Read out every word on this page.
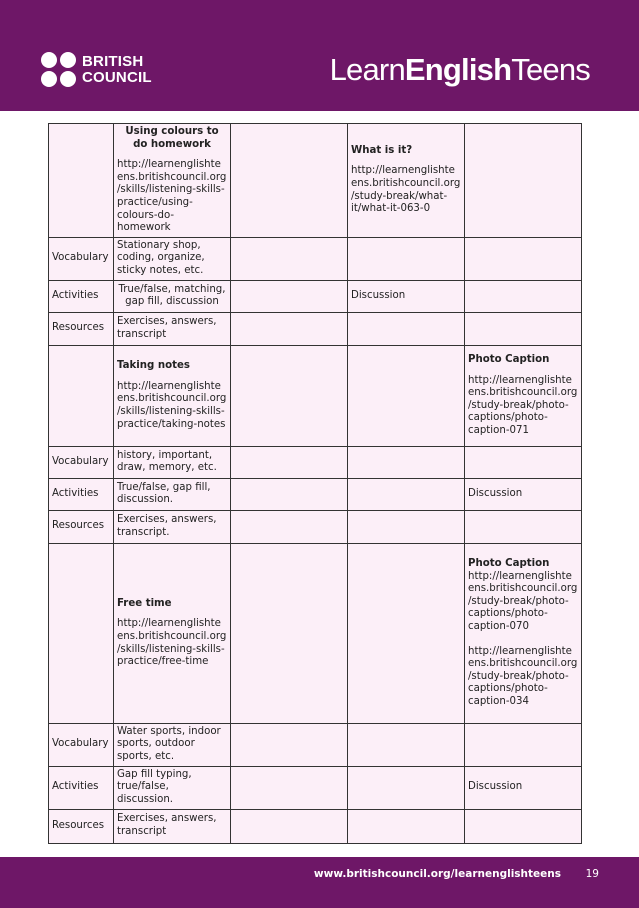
BRITISH
COUNCIL	LearnEnglishTeens

	Using colours to do homework
http://learnenglishteens.britishcouncil.org/skills/listening-skills-practice/using-colours-do-homework		What is it?
http://learnenglishteens.britishcouncil.org/study-break/what-it/what-it-063-0	

Vocabulary	Stationary shop, coding, organize, sticky notes, etc.			
Activities	True/false, matching, gap fill, discussion		Discussion	
Resources	Exercises, answers, transcript			

	Taking notes
http://learnenglishteens.britishcouncil.org/skills/listening-skills-practice/taking-notes			Photo Caption
http://learnenglishteens.britishcouncil.org/study-break/photo-captions/photo-caption-071

Vocabulary	history, important, draw, memory, etc.			
Activities	True/false, gap fill, discussion.			Discussion
Resources	Exercises, answers, transcript.			

	Free time
http://learnenglishteens.britishcouncil.org/skills/listening-skills-practice/free-time			Photo Caption
http://learnenglishteens.britishcouncil.org/study-break/photo-captions/photo-caption-070
http://learnenglishteens.britishcouncil.org/study-break/photo-captions/photo-caption-034

Vocabulary	Water sports, indoor sports, outdoor sports, etc.			
Activities	Gap fill typing, true/false, discussion.			Discussion
Resources	Exercises, answers, transcript			
www.britishcouncil.org/learnenglishteens 19
